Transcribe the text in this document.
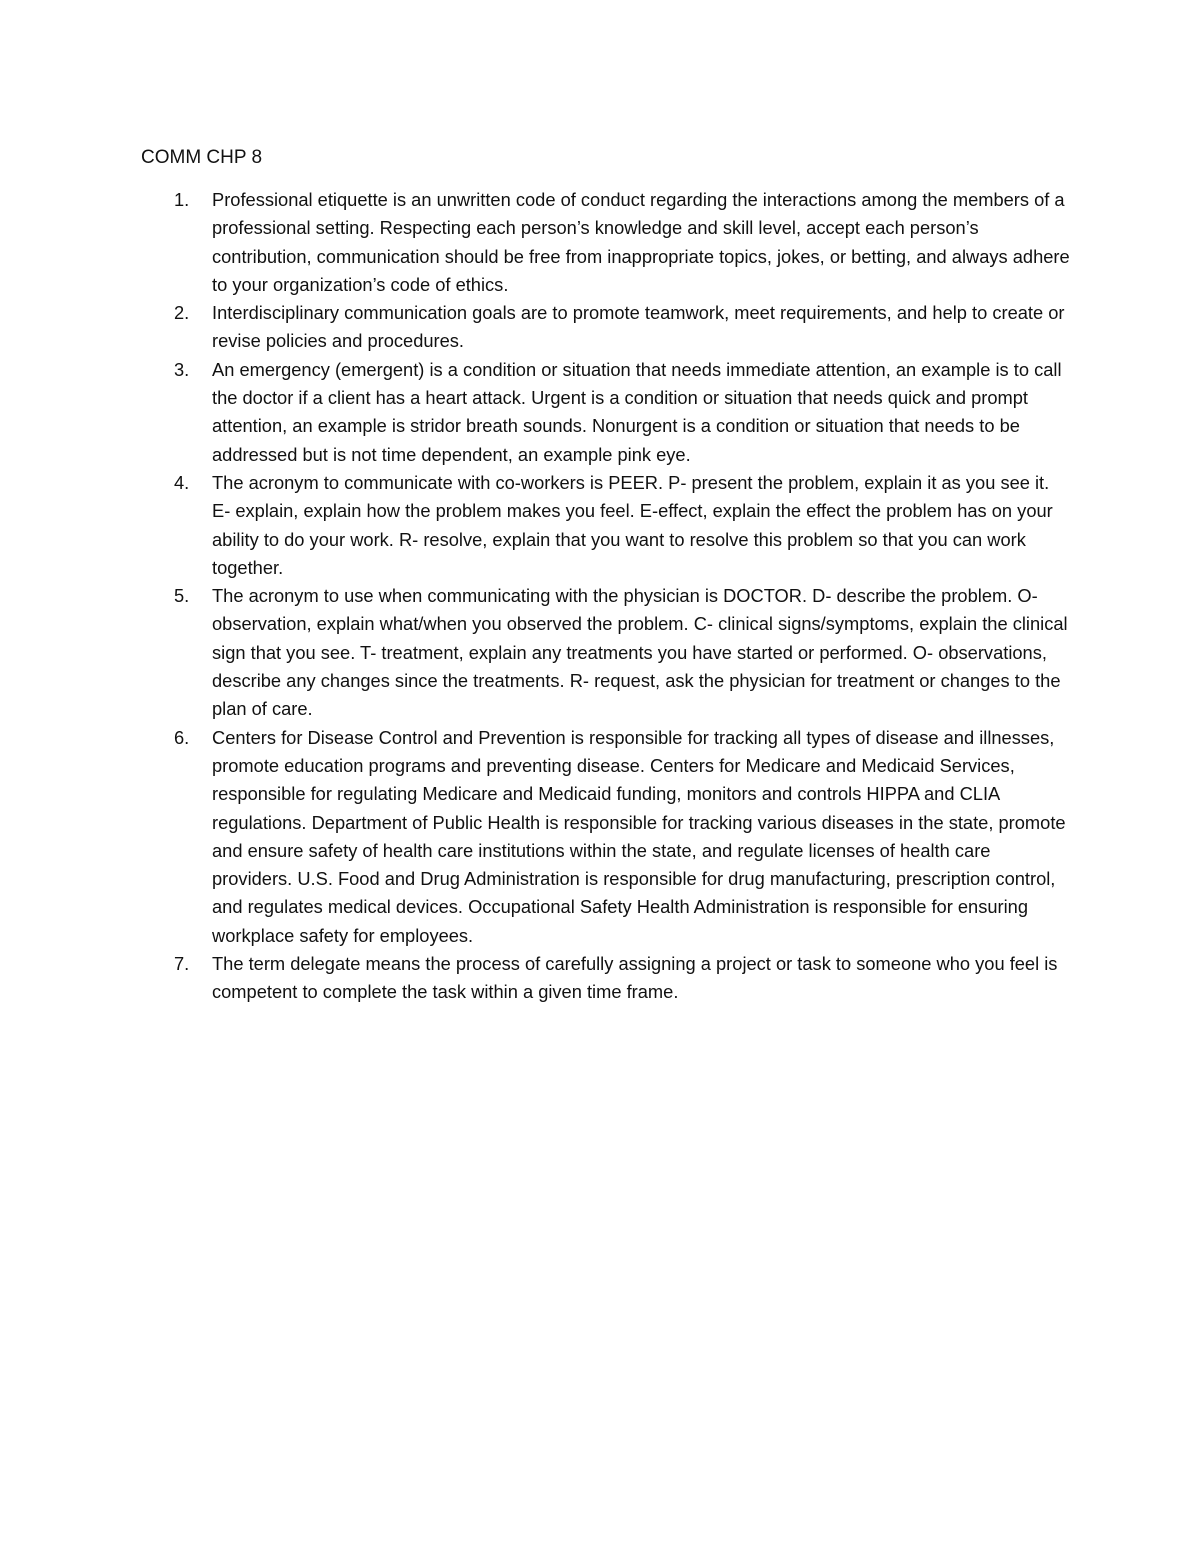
COMM CHP 8
1. Professional etiquette is an unwritten code of conduct regarding the interactions among the members of a professional setting. Respecting each person’s knowledge and skill level, accept each person’s contribution, communication should be free from inappropriate topics, jokes, or betting, and always adhere to your organization’s code of ethics.
2. Interdisciplinary communication goals are to promote teamwork, meet requirements, and help to create or revise policies and procedures.
3. An emergency (emergent) is a condition or situation that needs immediate attention, an example is to call the doctor if a client has a heart attack. Urgent is a condition or situation that needs quick and prompt attention, an example is stridor breath sounds. Nonurgent is a condition or situation that needs to be addressed but is not time dependent, an example pink eye.
4. The acronym to communicate with co-workers is PEER. P- present the problem, explain it as you see it. E- explain, explain how the problem makes you feel. E-effect, explain the effect the problem has on your ability to do your work. R- resolve, explain that you want to resolve this problem so that you can work together.
5. The acronym to use when communicating with the physician is DOCTOR. D- describe the problem. O- observation, explain what/when you observed the problem. C- clinical signs/symptoms, explain the clinical sign that you see. T- treatment, explain any treatments you have started or performed. O- observations, describe any changes since the treatments. R- request, ask the physician for treatment or changes to the plan of care.
6. Centers for Disease Control and Prevention is responsible for tracking all types of disease and illnesses, promote education programs and preventing disease. Centers for Medicare and Medicaid Services, responsible for regulating Medicare and Medicaid funding, monitors and controls HIPPA and CLIA regulations. Department of Public Health is responsible for tracking various diseases in the state, promote and ensure safety of health care institutions within the state, and regulate licenses of health care providers. U.S. Food and Drug Administration is responsible for drug manufacturing, prescription control, and regulates medical devices. Occupational Safety Health Administration is responsible for ensuring workplace safety for employees.
7. The term delegate means the process of carefully assigning a project or task to someone who you feel is competent to complete the task within a given time frame.
